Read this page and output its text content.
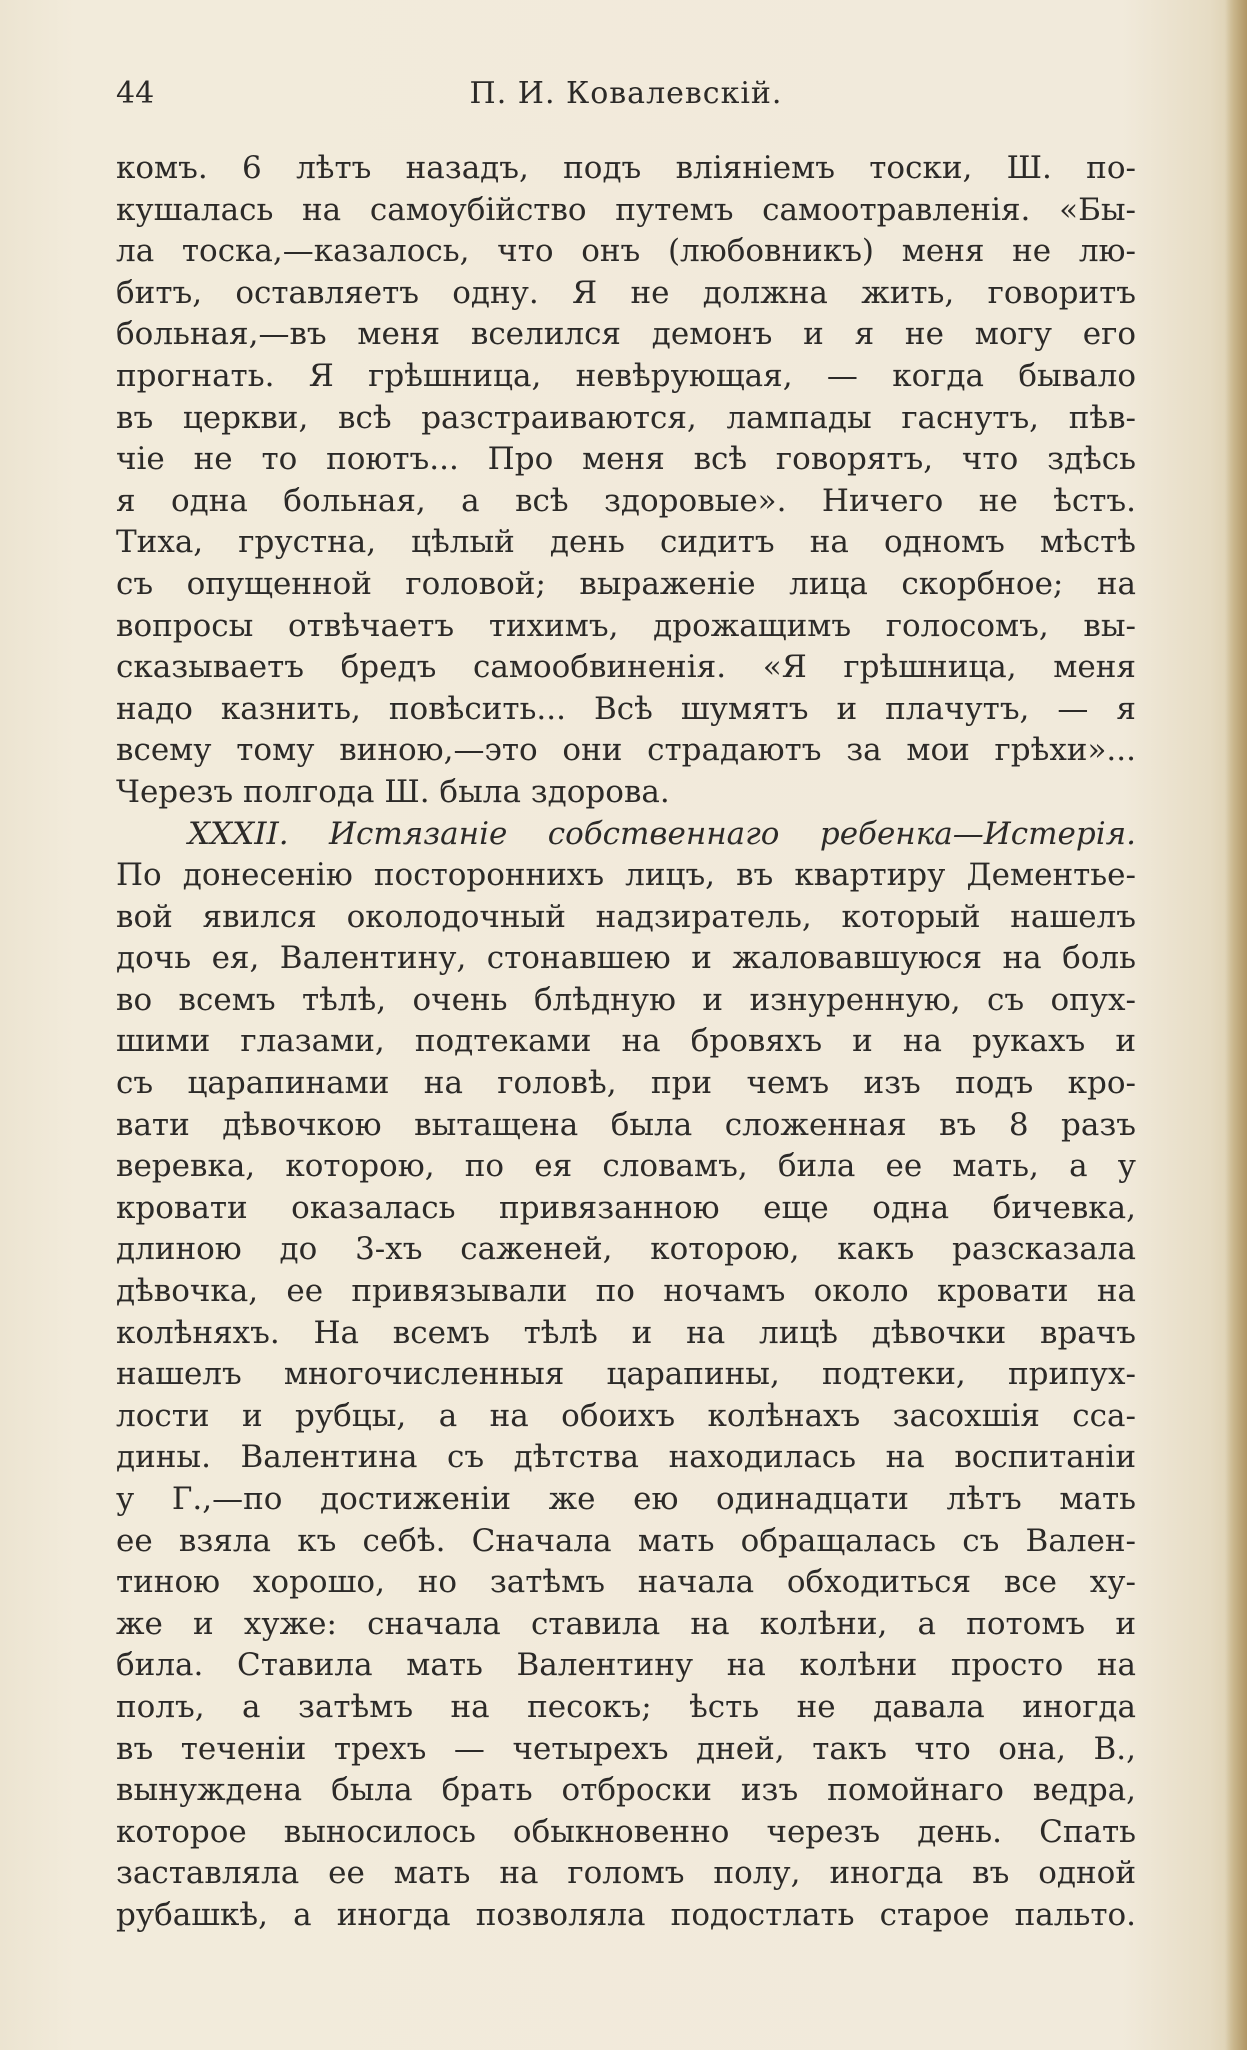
44	П. И. Ковалевскій.
комъ. 6 лѣтъ назадъ, подъ вліяніемъ тоски, Ш. по-
кушалась на самоубійство путемъ самоотравленія. «Бы-
ла тоска,—казалось, что онъ (любовникъ) меня не лю-
битъ, оставляетъ одну. Я не должна жить, говоритъ
больная,—въ меня вселился демонъ и я не могу его
прогнать. Я грѣшница, невѣрующая, — когда бывало
въ церкви, всѣ разстраиваются, лампады гаснутъ, пѣв-
чіе не то поютъ... Про меня всѣ говорятъ, что здѣсь
я одна больная, а всѣ здоровые». Ничего не ѣстъ.
Тиха, грустна, цѣлый день сидитъ на одномъ мѣстѣ
съ опущенной головой; выраженіе лица скорбное; на
вопросы отвѣчаетъ тихимъ, дрожащимъ голосомъ, вы-
сказываетъ бредъ самообвиненія. «Я грѣшница, меня
надо казнить, повѣсить... Всѣ шумятъ и плачутъ, — я
всему тому виною,—это они страдаютъ за мои грѣхи»...
Черезъ полгода Ш. была здорова.
XXXII. Истязаніе собственнаго ребенка—Истерія.
По донесенію постороннихъ лицъ, въ квартиру Дементье-
вой явился околодочный надзиратель, который нашелъ
дочь ея, Валентину, стонавшею и жаловавшуюся на боль
во всемъ тѣлѣ, очень блѣдную и изнуренную, съ опух-
шими глазами, подтеками на бровяхъ и на рукахъ и
съ царапинами на головѣ, при чемъ изъ подъ кро-
вати дѣвочкою вытащена была сложенная въ 8 разъ
веревка, которою, по ея словамъ, била ее мать, а у
кровати оказалась привязанною еще одна бичевка,
длиною до 3-хъ саженей, которою, какъ разсказала
дѣвочка, ее привязывали по ночамъ около кровати на
колѣняхъ. На всемъ тѣлѣ и на лицѣ дѣвочки врачъ
нашелъ многочисленныя царапины, подтеки, припух-
лости и рубцы, а на обоихъ колѣнахъ засохшія сса-
дины. Валентина съ дѣтства находилась на воспитаніи
у Г.,—по достиженіи же ею одинадцати лѣтъ мать
ее взяла къ себѣ. Сначала мать обращалась съ Вален-
тиною хорошо, но затѣмъ начала обходиться все ху-
же и хуже: сначала ставила на колѣни, а потомъ и
била. Ставила мать Валентину на колѣни просто на
полъ, а затѣмъ на песокъ; ѣсть не давала иногда
въ теченіи трехъ — четырехъ дней, такъ что она, В.,
вынуждена была брать отброски изъ помойнаго ведра,
которое выносилось обыкновенно черезъ день. Спать
заставляла ее мать на голомъ полу, иногда въ одной
рубашкѣ, а иногда позволяла подостлать старое пальто.
